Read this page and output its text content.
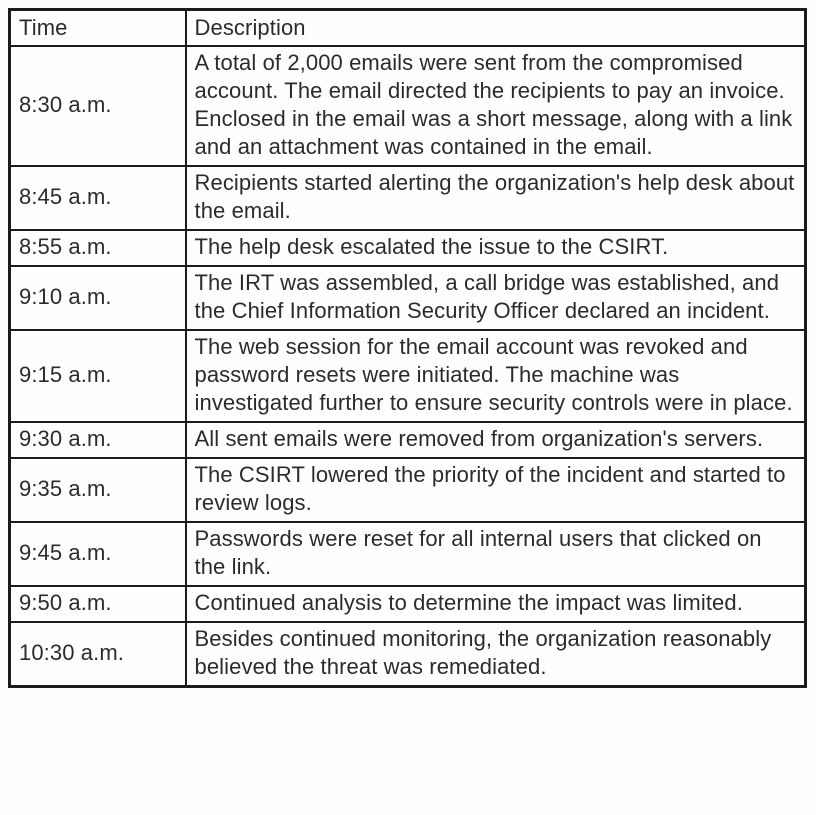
Time	Description
8:30 a.m.	A total of 2,000 emails were sent from the compromised account. The email directed the recipients to pay an invoice. Enclosed in the email was a short message, along with a link and an attachment was contained in the email.
8:45 a.m.	Recipients started alerting the organization's help desk about the email.
8:55 a.m.	The help desk escalated the issue to the CSIRT.
9:10 a.m.	The IRT was assembled, a call bridge was established, and the Chief Information Security Officer declared an incident.
9:15 a.m.	The web session for the email account was revoked and password resets were initiated. The machine was investigated further to ensure security controls were in place.
9:30 a.m.	All sent emails were removed from organization's servers.
9:35 a.m.	The CSIRT lowered the priority of the incident and started to review logs.
9:45 a.m.	Passwords were reset for all internal users that clicked on the link.
9:50 a.m.	Continued analysis to determine the impact was limited.
10:30 a.m.	Besides continued monitoring, the organization reasonably believed the threat was remediated.
